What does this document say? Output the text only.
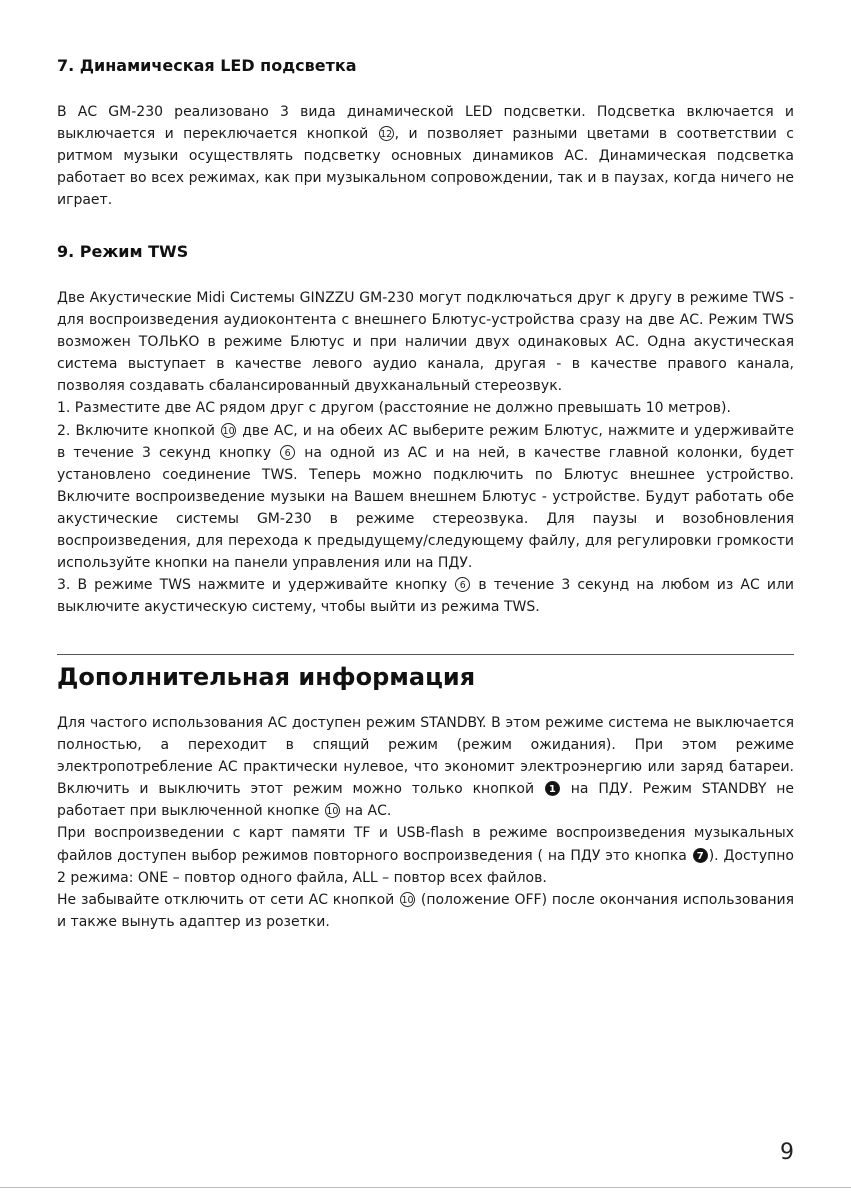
7. Динамическая LED подсветка

В АС GM-230 реализовано 3 вида динамической LED подсветки. Подсветка включается и выключается и переключается кнопкой 12 , и позволяет разными цветами в соответствии с ритмом музыки осуществлять подсветку основных динамиков АС. Динамическая подсветка работает во всех режимах, как при музыкальном сопровождении, так и в паузах, когда ничего не играет.

9. Режим TWS

Две Акустические Midi Системы GINZZU GM-230 могут подключаться друг к другу в режиме TWS - для воспроизведения аудиоконтента с внешнего Блютус-устройства сразу на две АС. Режим TWS возможен ТОЛЬКО в режиме Блютус и при наличии двух одинаковых АС. Одна акустическая система выступает в качестве левого аудио канала, другая - в качестве правого канала, позволяя создавать сбалансированный двухканальный стереозвук.

1. Разместите две АС рядом друг с другом (расстояние не должно превышать 10 метров).

2. Включите кнопкой 10 две АС, и на обеих АС выберите режим Блютус, нажмите и удерживайте в течение 3 секунд кнопку 6 на одной из АС и на ней, в качестве главной колонки, будет установлено соединение TWS. Теперь можно подключить по Блютус внешнее устройство. Включите воспроизведение музыки на Вашем внешнем Блютус - устройстве. Будут работать обе акустические системы GM-230 в режиме стереозвука. Для паузы и возобновления воспроизведения, для перехода к предыдущему/следующему файлу, для регулировки громкости используйте кнопки на панели управления или на ПДУ.

3. В режиме TWS нажмите и удерживайте кнопку 6 в течение 3 секунд на любом из АС или выключите акустическую систему, чтобы выйти из режима TWS.

Дополнительная информация

Для частого использования АС доступен режим STANDBY. В этом режиме система не выключается полностью, а переходит в спящий режим (режим ожидания). При этом режиме электропотребление АС практически нулевое, что экономит электроэнергию или заряд батареи. Включить и выключить этот режим можно только кнопкой 1 на ПДУ. Режим STANDBY не работает при выключенной кнопке 10 на АС.

При воспроизведении с карт памяти TF и USB-flash в режиме воспроизведения музыкальных файлов доступен выбор режимов повторного воспроизведения ( на ПДУ это кнопка 7 ). Доступно 2 режима: ONE – повтор одного файла, ALL – повтор всех файлов.

Не забывайте отключить от сети АС кнопкой 10 (положение OFF) после окончания использования и также вынуть адаптер из розетки.

9
